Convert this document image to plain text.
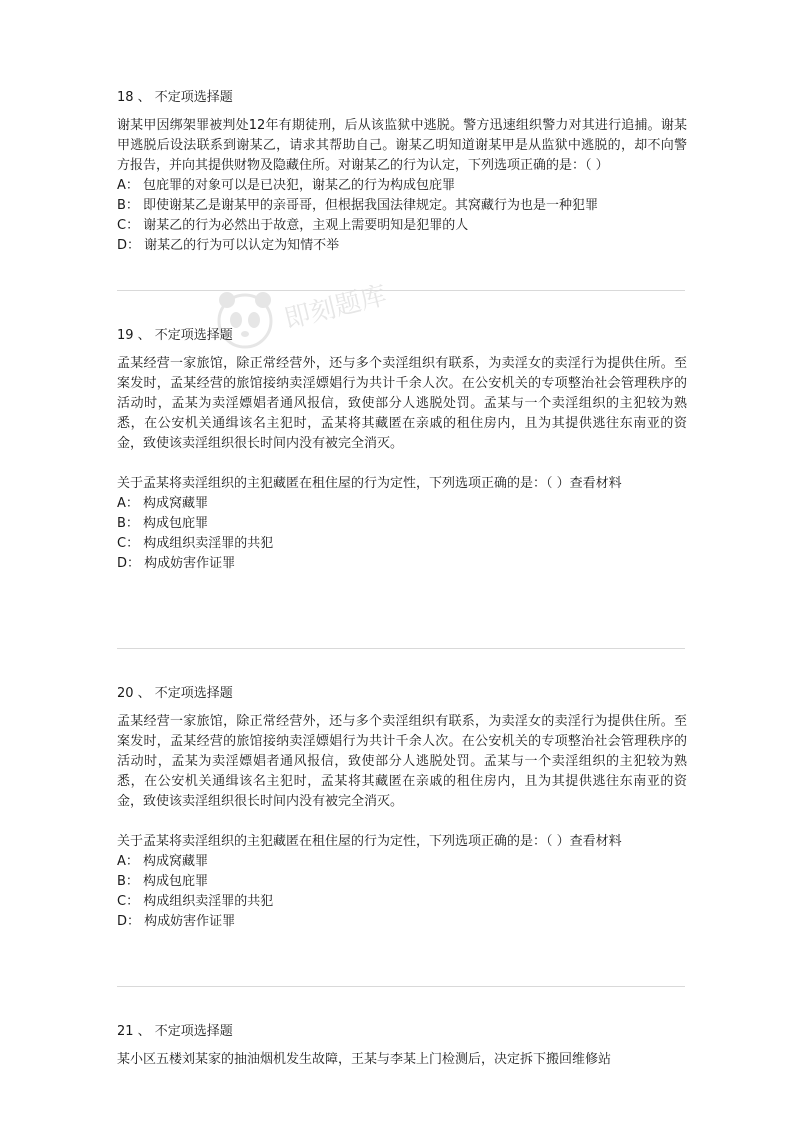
即刻题库
18 、 不定项选择题

谢某甲因绑架罪被判处12年有期徒刑，后从该监狱中逃脱。警方迅速组织警力对其进行追捕。谢某甲逃脱后设法联系到谢某乙，请求其帮助自己。谢某乙明知道谢某甲是从监狱中逃脱的，却不向警方报告，并向其提供财物及隐藏住所。对谢某乙的行为认定，下列选项正确的是：（ ）

A： 包庇罪的对象可以是已决犯，谢某乙的行为构成包庇罪
B： 即使谢某乙是谢某甲的亲哥哥，但根据我国法律规定。其窝藏行为也是一种犯罪
C： 谢某乙的行为必然出于故意，主观上需要明知是犯罪的人
D： 谢某乙的行为可以认定为知情不举
19 、 不定项选择题

孟某经营一家旅馆，除正常经营外，还与多个卖淫组织有联系，为卖淫女的卖淫行为提供住所。至案发时，孟某经营的旅馆接纳卖淫嫖娼行为共计千余人次。在公安机关的专项整治社会管理秩序的活动时，孟某为卖淫嫖娼者通风报信，致使部分人逃脱处罚。孟某与一个卖淫组织的主犯较为熟悉，在公安机关通缉该名主犯时，孟某将其藏匿在亲戚的租住房内，且为其提供逃往东南亚的资金，致使该卖淫组织很长时间内没有被完全消灭。

关于孟某将卖淫组织的主犯藏匿在租住屋的行为定性，下列选项正确的是：（ ）查看材料

A： 构成窝藏罪
B： 构成包庇罪
C： 构成组织卖淫罪的共犯
D： 构成妨害作证罪
20 、 不定项选择题

孟某经营一家旅馆，除正常经营外，还与多个卖淫组织有联系，为卖淫女的卖淫行为提供住所。至案发时，孟某经营的旅馆接纳卖淫嫖娼行为共计千余人次。在公安机关的专项整治社会管理秩序的活动时，孟某为卖淫嫖娼者通风报信，致使部分人逃脱处罚。孟某与一个卖淫组织的主犯较为熟悉，在公安机关通缉该名主犯时，孟某将其藏匿在亲戚的租住房内，且为其提供逃往东南亚的资金，致使该卖淫组织很长时间内没有被完全消灭。

关于孟某将卖淫组织的主犯藏匿在租住屋的行为定性，下列选项正确的是：（ ）查看材料

A： 构成窝藏罪
B： 构成包庇罪
C： 构成组织卖淫罪的共犯
D： 构成妨害作证罪
21 、 不定项选择题

某小区五楼刘某家的抽油烟机发生故障，王某与李某上门检测后，决定拆下搬回维修站
